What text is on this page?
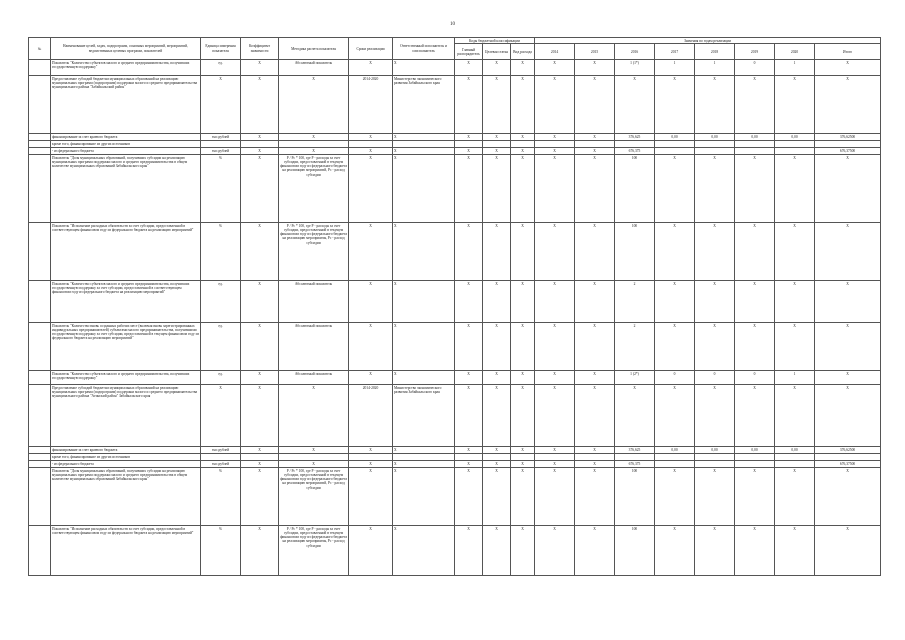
10
№	Наименование целей, задач, подпрограмм, основных мероприятий, мероприятий, ведомственных целевых программ, показателей	Единица измерения показателя	Коэффициент значимости	Методика расчета показателя	Сроки реализации	Ответственный исполнитель и соисполнитель	Коды бюджетной классификации			Значения по годам реализации							
							Главный распорядитель	Целевая статья	Вид расхода	2014	2015	2016	2017	2018	2019	2020	Итого
	Показатель "Количество субъектов малого и среднего предпринимательства, получивших государственную поддержку"	ед.	Х	Абсолютный показатель	Х	Х	Х	Х	Х	Х	Х	1 (1*)	1	1	0	1	Х
	Предоставление субсидий бюджетам муниципальных образований на реализацию муниципальных программ (подпрограмм) поддержки малого и среднего предпринимательства муниципального района "Забайкальский район"	Х	Х	Х	2014-2020	Министерство экономического развития Забайкальского края	Х	Х	Х	Х	Х	Х	Х	Х	Х	Х	Х
	финансирование за счет краевого бюджета	тыс.рублей	Х	Х	Х	Х	Х	Х	Х	Х	Х	376,625	0,00	0,00	0,00	0,00	376,62500
	кроме того, финансирование из других источников																
	- из федерального бюджета	тыс.рублей	Х	Х	Х	Х	Х	Х	Х	Х	Х	676,375					676,37500
	Показатель "Доля муниципальных образований, получивших субсидии на реализацию муниципальных программ поддержки малого и среднего предпринимательства в общем количестве муниципальных образований Забайкальского края"	%	Х	Р / Рс * 100, где Р - расходы за счет субсидии, предоставленной в текущем финансовом году из федерального бюджета на реализацию мероприятий, Рс - расход субсидии	Х	Х	Х	Х	Х	Х	Х	100	Х	Х	Х	Х	Х
	Показатель "Исполнение расходных обязательств за счет субсидии, предоставленной в соответствующем финансовом году из федерального бюджета на реализацию мероприятий"	%	Х	Р / Рс * 100, где Р - расходы за счет субсидии, предоставленной в текущем финансовом году из федерального бюджета на реализацию мероприятия, Рс - расход субсидии	Х	Х	Х	Х	Х	Х	Х	100	Х	Х	Х	Х	Х
	Показатель "Количество субъектов малого и среднего предпринимательства, получивших государственную поддержку за счет субсидии, предоставленной в соответствующем финансовом году из федерального бюджета на реализацию мероприятий"	ед.	Х	Абсолютный показатель	Х	Х	Х	Х	Х	Х	Х	2	Х	Х	Х	Х	Х
	Показатель "Количество вновь созданных рабочих мест (включая вновь зарегистрированных индивидуальных предпринимателей) субъектами малого предпринимательства, получившими государственную поддержку за счет субсидии, предоставленной в текущем финансовом году из федерального бюджета на реализацию мероприятий"	ед.	Х	Абсолютный показатель	Х	Х	Х	Х	Х	Х	Х	2	Х	Х	Х	Х	Х
	Показатель "Количество субъектов малого и среднего предпринимательства, получивших государственную поддержку"	ед.	Х	Абсолютный показатель	Х	Х	Х	Х	Х	Х	Х	1 (2*)	0	0	0	1	Х
	Предоставление субсидий бюджетам муниципальных образований на реализацию муниципальных программ (подпрограмм) поддержки малого и среднего предпринимательства муниципального района "Агинский район" Забайкальского края	Х	Х	Х	2014-2020	Министерство экономического развития Забайкальского края	Х	Х	Х	Х	Х	Х	Х	Х	Х	Х	Х
	финансирование за счет краевого бюджета	тыс.рублей	Х	Х	Х	Х	Х	Х	Х	Х	Х	376,625	0,00	0,00	0,00	0,00	376,62500
	кроме того, финансирование из других источников																
	- из федерального бюджета	тыс.рублей	Х	Х	Х	Х	Х	Х	Х	Х	Х	676,375					676,37500
	Показатель "Доля муниципальных образований, получивших субсидии на реализацию муниципальных программ поддержки малого и среднего предпринимательства в общем количестве муниципальных образований Забайкальского края"	%	Х	Р / Рс * 100, где Р - расходы за счет субсидии, предоставленной в текущем финансовом году из федерального бюджета на реализацию мероприятий, Рс - расход субсидии	Х	Х	Х	Х	Х	Х	Х	100	Х	Х	Х	Х	Х
	Показатель "Исполнение расходных обязательств за счет субсидии, предоставленной в соответствующем финансовом году из федерального бюджета на реализацию мероприятий"	%	Х	Р / Рс * 100, где Р - расходы за счет субсидии, предоставленной в текущем финансовом году из федерального бюджета на реализацию мероприятия, Рс - расход субсидии	Х	Х	Х	Х	Х	Х	Х	100	Х	Х	Х	Х	Х
